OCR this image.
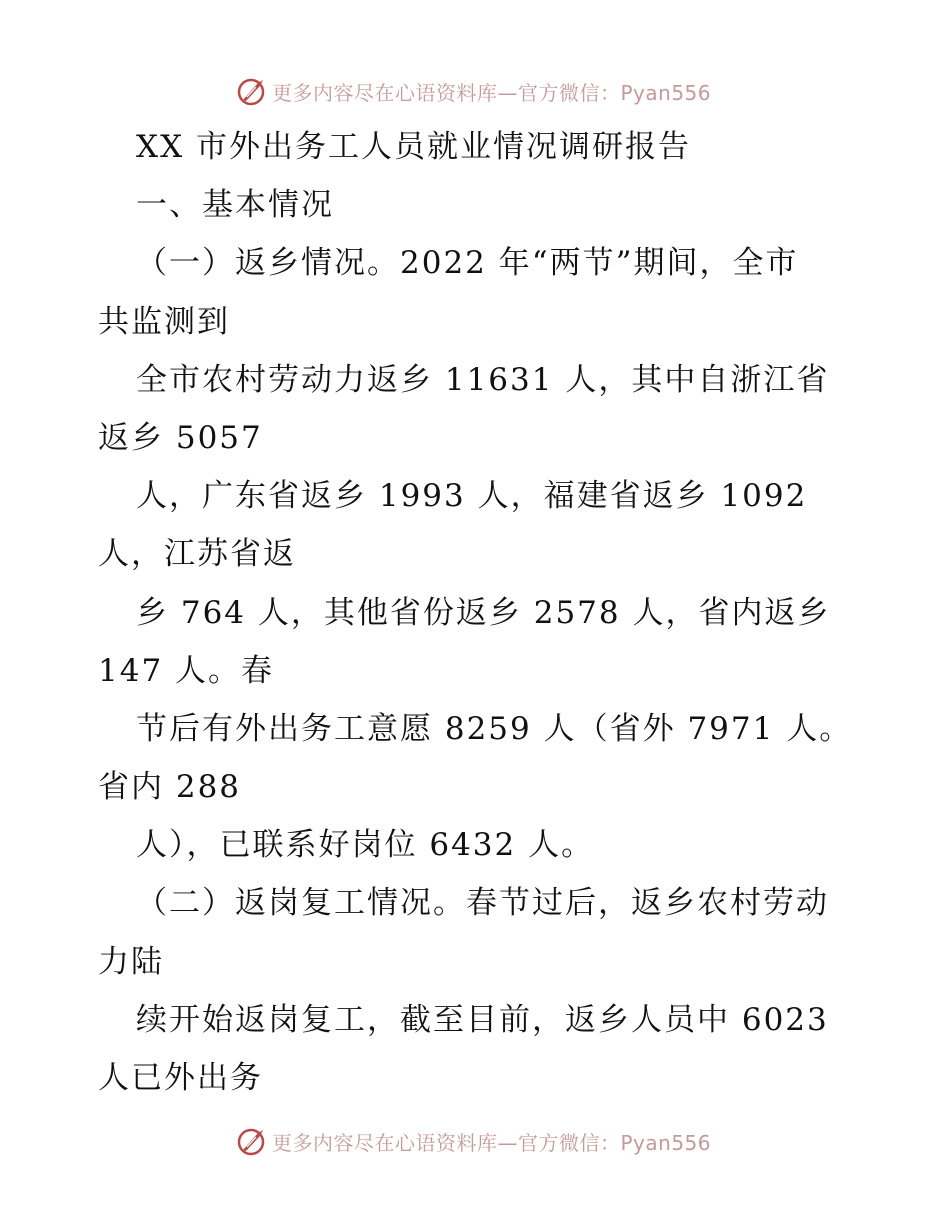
更多内容尽在心语资料库—官方微信：Pyan556
XX 市外出务工人员就业情况调研报告
一、基本情况
（一）返乡情况。2022 年“两节”期间，全市
共监测到
全市农村劳动力返乡 11631 人，其中自浙江省
返乡 5057
人，广东省返乡 1993 人，福建省返乡 1092
人，江苏省返
乡 764 人，其他省份返乡 2578 人，省内返乡
147 人。春
节后有外出务工意愿 8259 人（省外 7971 人。
省内 288
人），已联系好岗位 6432 人。
（二）返岗复工情况。春节过后，返乡农村劳动
力陆
续开始返岗复工，截至目前，返乡人员中 6023
人已外出务
更多内容尽在心语资料库—官方微信：Pyan556
